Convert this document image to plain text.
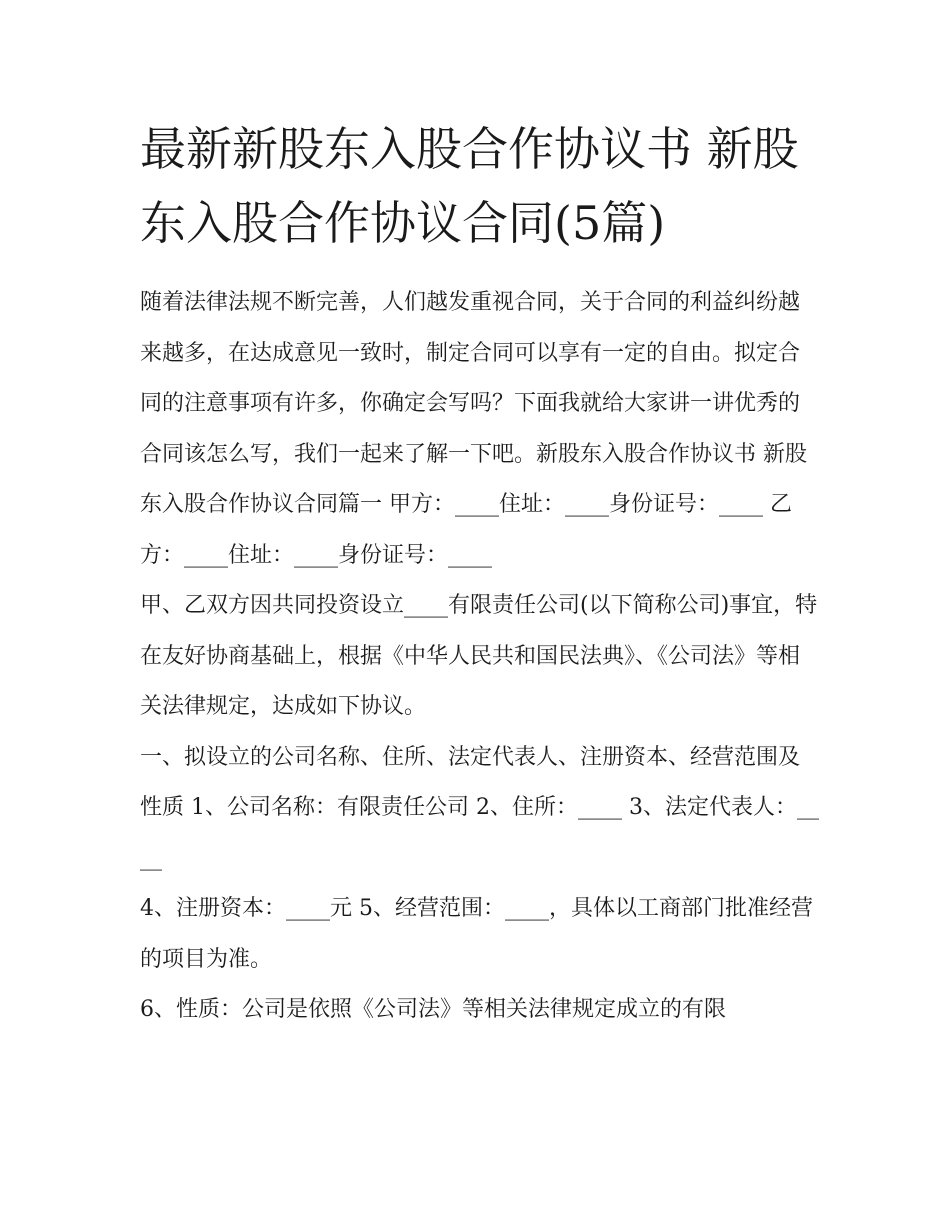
最新新股东入股合作协议书 新股东入股合作协议合同(5篇)

随着法律法规不断完善，人们越发重视合同，关于合同的利益纠纷越来越多，在达成意见一致时，制定合同可以享有一定的自由。拟定合同的注意事项有许多，你确定会写吗？下面我就给大家讲一讲优秀的合同该怎么写，我们一起来了解一下吧。新股东入股合作协议书 新股东入股合作协议合同篇一 甲方：____住址：____身份证号：____ 乙方：____住址：____身份证号：____

甲、乙双方因共同投资设立____有限责任公司(以下简称公司)事宜，特在友好协商基础上，根据《中华人民共和国民法典》、《公司法》等相关法律规定，达成如下协议。

一、拟设立的公司名称、住所、法定代表人、注册资本、经营范围及性质 1、公司名称：有限责任公司 2、住所：____ 3、法定代表人：____

4、注册资本：____元 5、经营范围：____，具体以工商部门批准经营的项目为准。

6、性质：公司是依照《公司法》等相关法律规定成立的有限
